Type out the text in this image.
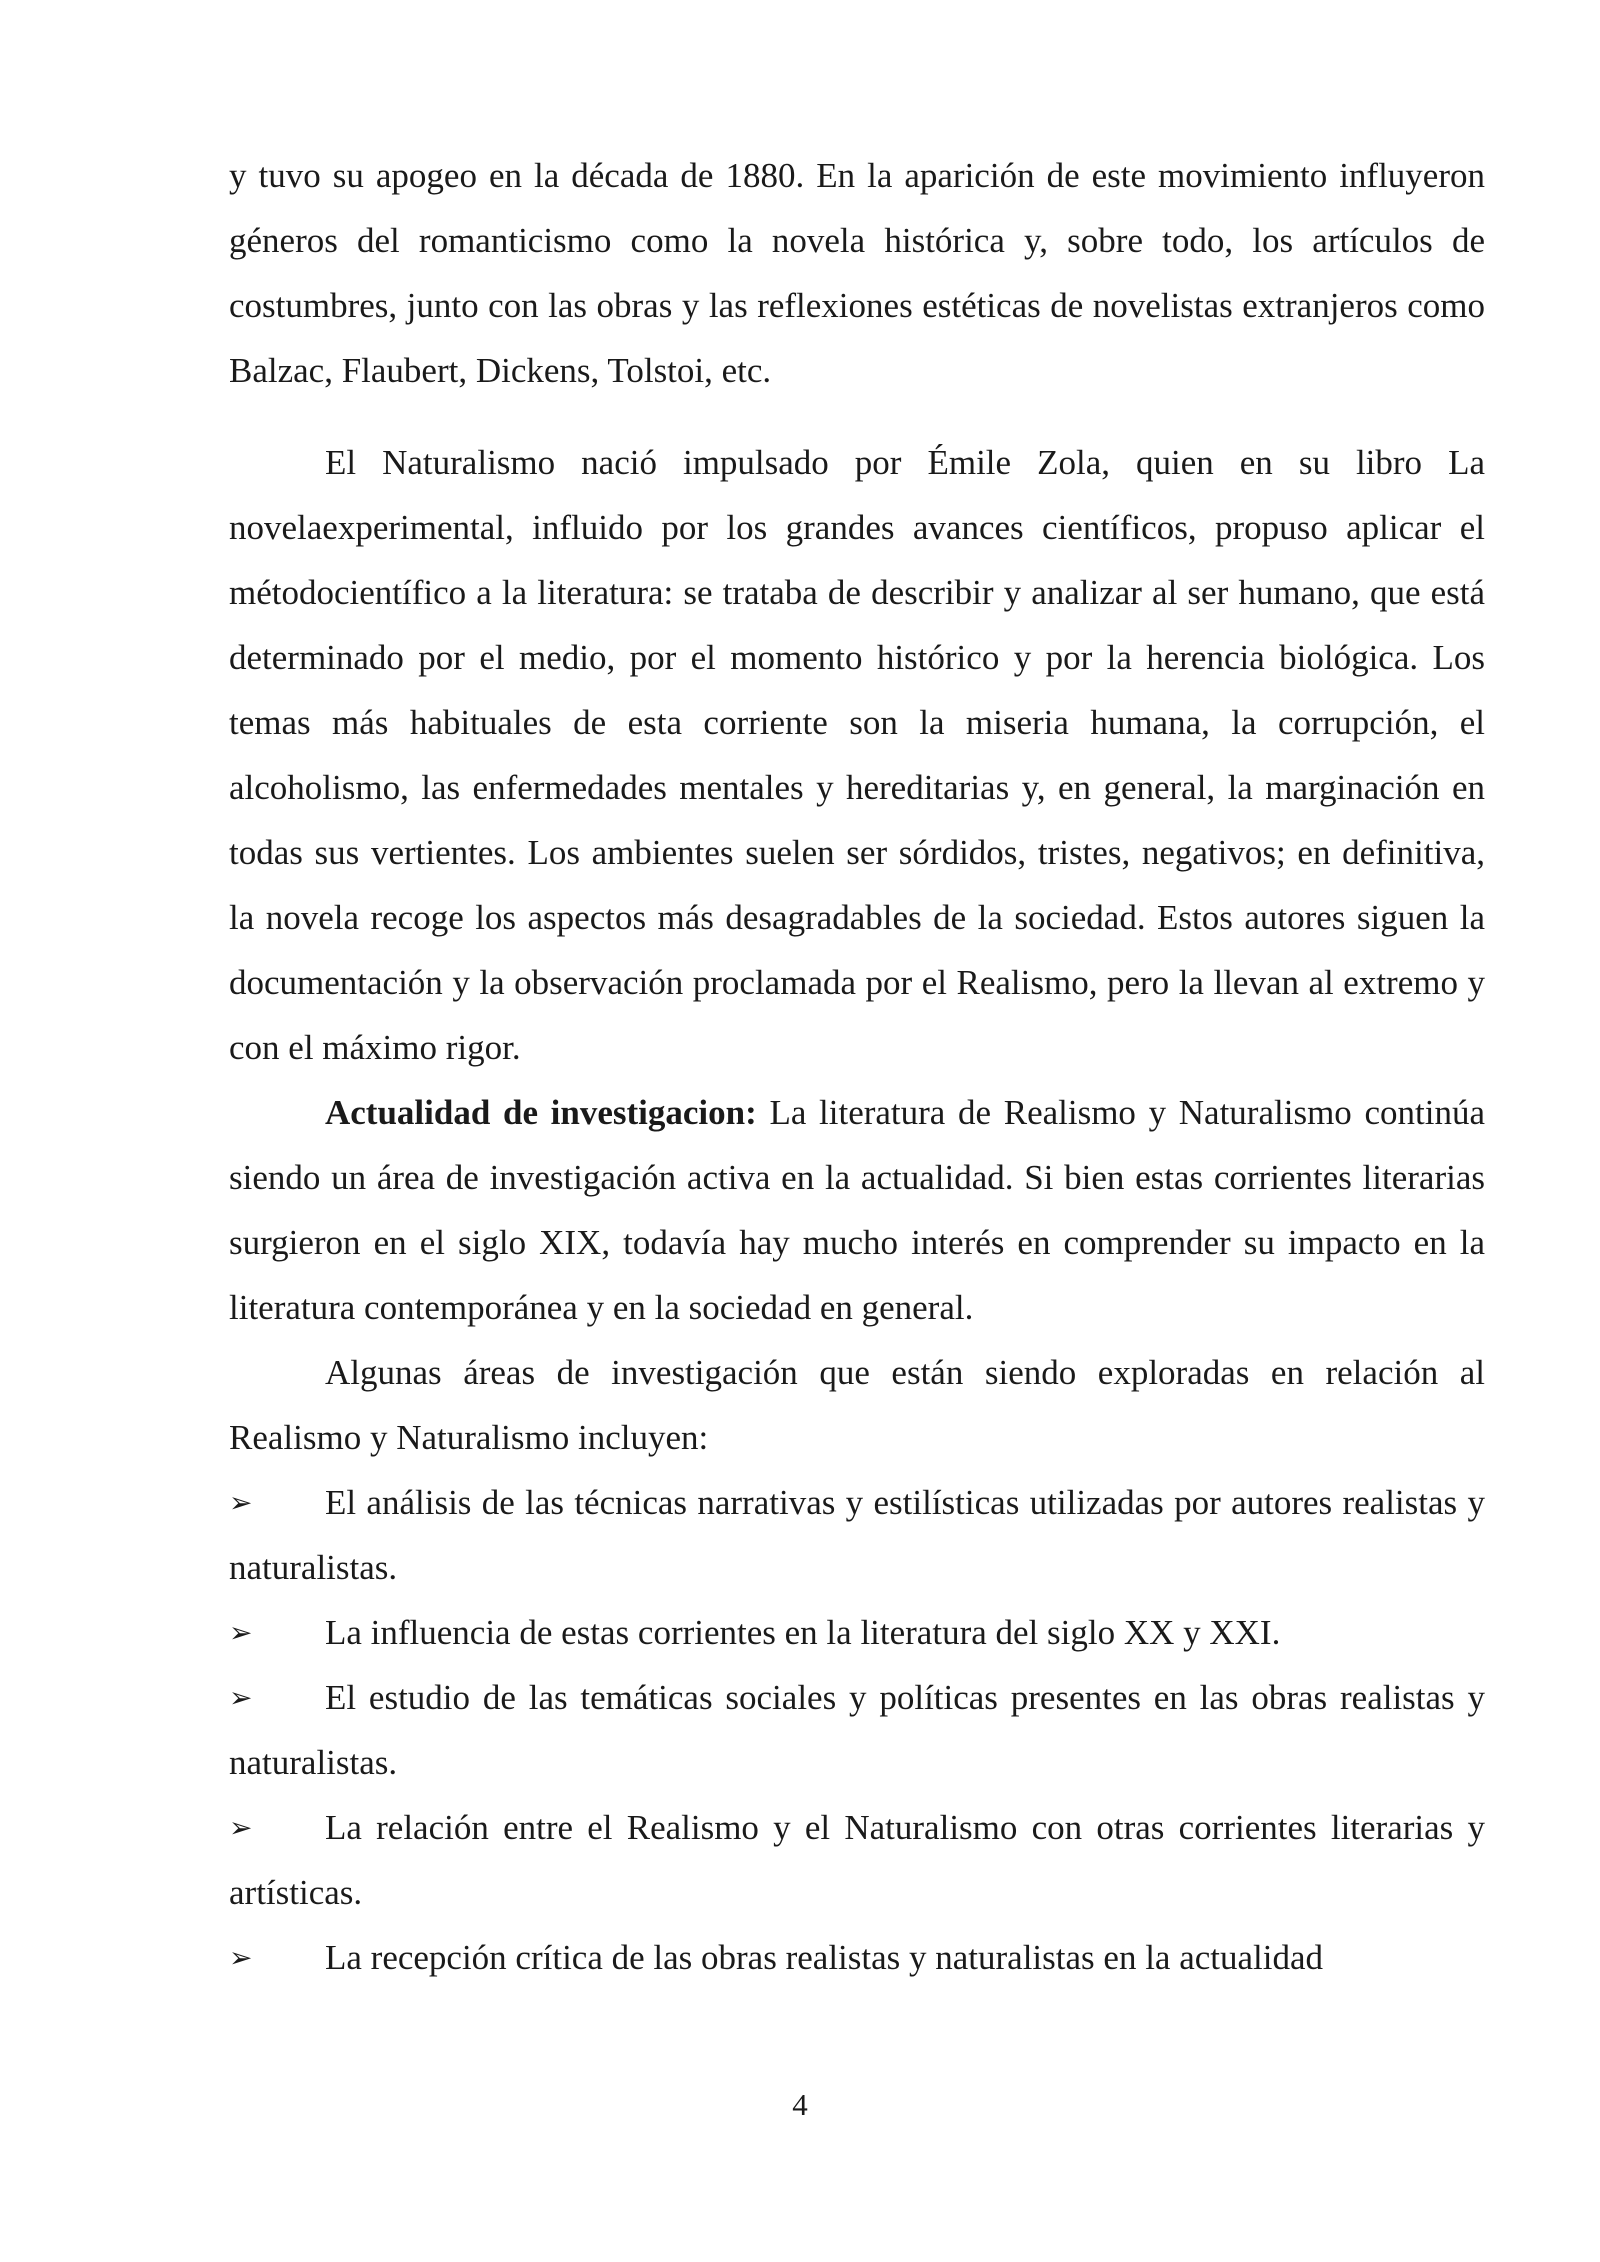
y tuvo su apogeo en la década de 1880. En la aparición de este movimiento influyeron géneros del romanticismo como la novela histórica y, sobre todo, los artículos de costumbres, junto con las obras y las reflexiones estéticas de novelistas extranjeros como Balzac, Flaubert, Dickens, Tolstoi, etc.

El Naturalismo nació impulsado por Émile Zola, quien en su libro La novelaexperimental, influido por los grandes avances científicos, propuso aplicar el métodocientífico a la literatura: se trataba de describir y analizar al ser humano, que está determinado por el medio, por el momento histórico y por la herencia biológica. Los temas más habituales de esta corriente son la miseria humana, la corrupción, el alcoholismo, las enfermedades mentales y hereditarias y, en general, la marginación en todas sus vertientes. Los ambientes suelen ser sórdidos, tristes, negativos; en definitiva, la novela recoge los aspectos más desagradables de la sociedad. Estos autores siguen la documentación y la observación proclamada por el Realismo, pero la llevan al extremo y con el máximo rigor.

Actualidad de investigacion: La literatura de Realismo y Naturalismo continúa siendo un área de investigación activa en la actualidad. Si bien estas corrientes literarias surgieron en el siglo XIX, todavía hay mucho interés en comprender su impacto en la literatura contemporánea y en la sociedad en general.

Algunas áreas de investigación que están siendo exploradas en relación al Realismo y Naturalismo incluyen:

➢ El análisis de las técnicas narrativas y estilísticas utilizadas por autores realistas y naturalistas.
➢ La influencia de estas corrientes en la literatura del siglo XX y XXI.
➢ El estudio de las temáticas sociales y políticas presentes en las obras realistas y naturalistas.
➢ La relación entre el Realismo y el Naturalismo con otras corrientes literarias y artísticas.
➢ La recepción crítica de las obras realistas y naturalistas en la actualidad
4
